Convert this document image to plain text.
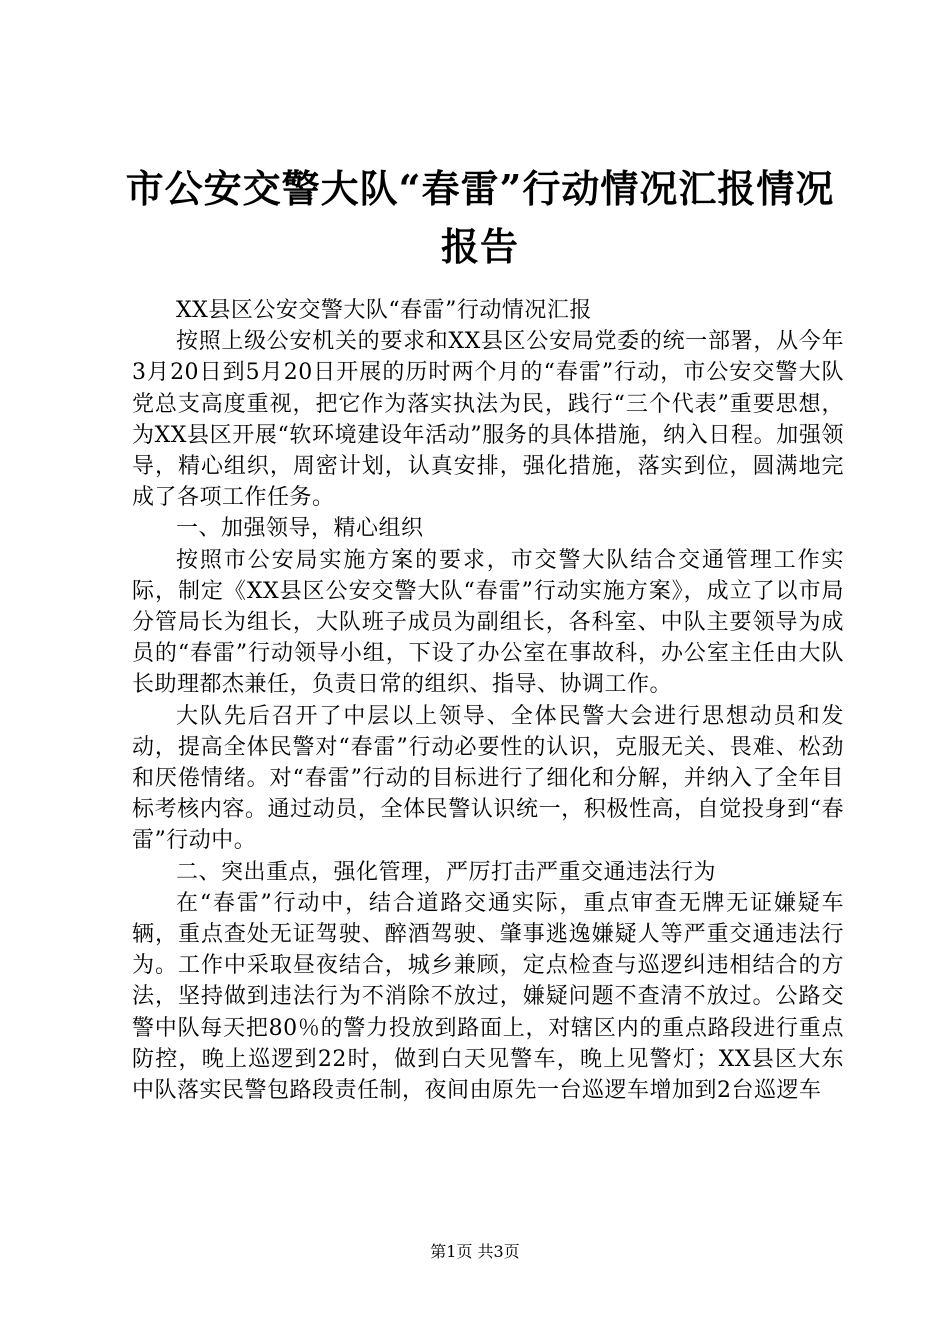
市公安交警大队“春雷”行动情况汇报情况报告

XX县区公安交警大队“春雷”行动情况汇报

按照上级公安机关的要求和XX县区公安局党委的统一部署，从今年3月20日到5月20日开展的历时两个月的“春雷”行动，市公安交警大队党总支高度重视，把它作为落实执法为民，践行“三个代表”重要思想，为XX县区开展“软环境建设年活动”服务的具体措施，纳入日程。加强领导，精心组织，周密计划，认真安排，强化措施，落实到位，圆满地完成了各项工作任务。

一、加强领导，精心组织

按照市公安局实施方案的要求，市交警大队结合交通管理工作实际，制定《XX县区公安交警大队“春雷”行动实施方案》，成立了以市局分管局长为组长，大队班子成员为副组长，各科室、中队主要领导为成员的“春雷”行动领导小组，下设了办公室在事故科，办公室主任由大队长助理都杰兼任，负责日常的组织、指导、协调工作。

大队先后召开了中层以上领导、全体民警大会进行思想动员和发动，提高全体民警对“春雷”行动必要性的认识，克服无关、畏难、松劲和厌倦情绪。对“春雷”行动的目标进行了细化和分解，并纳入了全年目标考核内容。通过动员，全体民警认识统一，积极性高，自觉投身到“春雷”行动中。

二、突出重点，强化管理，严厉打击严重交通违法行为

在“春雷”行动中，结合道路交通实际，重点审查无牌无证嫌疑车辆，重点查处无证驾驶、醉酒驾驶、肇事逃逸嫌疑人等严重交通违法行为。工作中采取昼夜结合，城乡兼顾，定点检查与巡逻纠违相结合的方法，坚持做到违法行为不消除不放过，嫌疑问题不查清不放过。公路交警中队每天把80％的警力投放到路面上，对辖区内的重点路段进行重点防控，晚上巡逻到22时，做到白天见警车，晚上见警灯；XX县区大东中队落实民警包路段责任制，夜间由原先一台巡逻车增加到2台巡逻车

第1页 共3页
